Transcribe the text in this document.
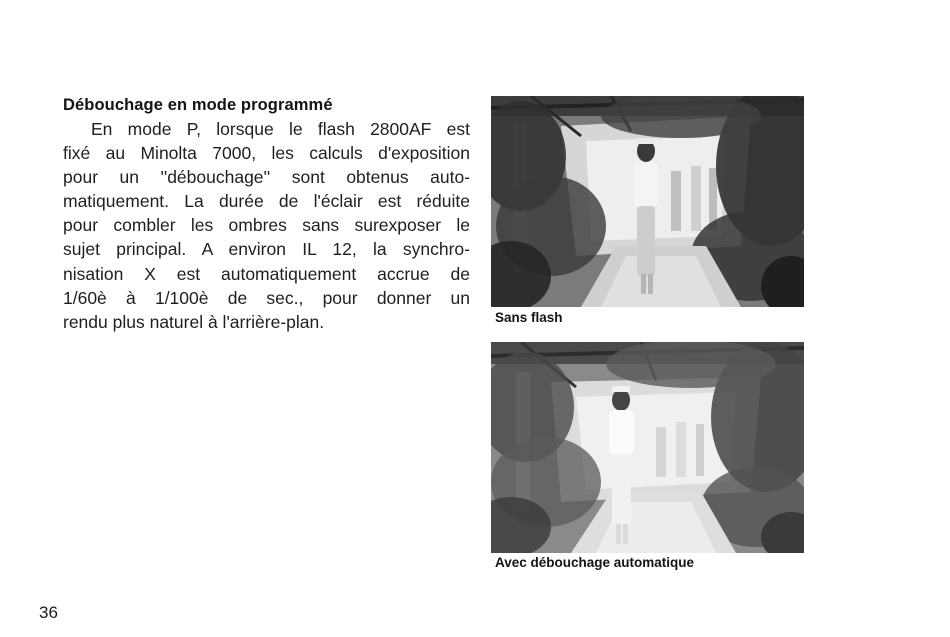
Débouchage en mode programmé
En mode P, lorsque le flash 2800AF est
fixé au Minolta 7000, les calculs d'exposition
pour un ''débouchage'' sont obtenus auto-
matiquement. La durée de l'éclair est réduite
pour combler les ombres sans surexposer le
sujet principal. A environ IL 12, la synchro-
nisation X est automatiquement accrue de
1/60è à 1/100è de sec., pour donner un
rendu plus naturel à l'arrière-plan.	Sans flash
Avec débouchage automatique
36
